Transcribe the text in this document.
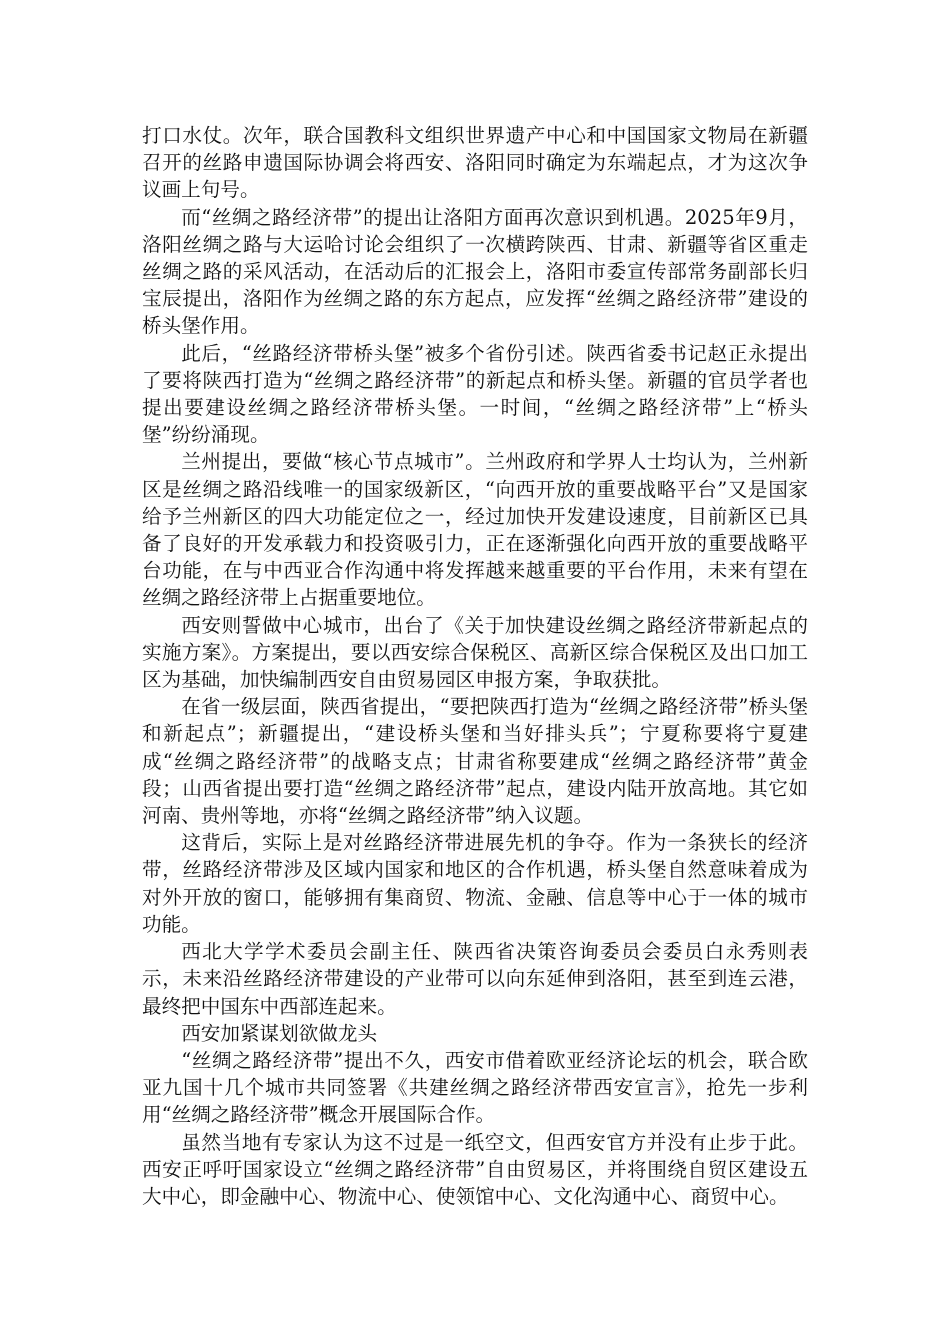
打口水仗。次年，联合国教科文组织世界遗产中心和中国国家文物局在新疆召开的丝路申遗国际协调会将西安、洛阳同时确定为东端起点，才为这次争议画上句号。

而“丝绸之路经济带”的提出让洛阳方面再次意识到机遇。2025年9月，洛阳丝绸之路与大运哈讨论会组织了一次横跨陕西、甘肃、新疆等省区重走丝绸之路的采风活动，在活动后的汇报会上，洛阳市委宣传部常务副部长归宝辰提出，洛阳作为丝绸之路的东方起点，应发挥“丝绸之路经济带”建设的桥头堡作用。

此后，“丝路经济带桥头堡”被多个省份引述。陕西省委书记赵正永提出了要将陕西打造为“丝绸之路经济带”的新起点和桥头堡。新疆的官员学者也提出要建设丝绸之路经济带桥头堡。一时间，“丝绸之路经济带”上“桥头堡”纷纷涌现。

兰州提出，要做“核心节点城市”。兰州政府和学界人士均认为，兰州新区是丝绸之路沿线唯一的国家级新区，“向西开放的重要战略平台”又是国家给予兰州新区的四大功能定位之一，经过加快开发建设速度，目前新区已具备了良好的开发承载力和投资吸引力，正在逐渐强化向西开放的重要战略平台功能，在与中西亚合作沟通中将发挥越来越重要的平台作用，未来有望在丝绸之路经济带上占据重要地位。

西安则誓做中心城市，出台了《关于加快建设丝绸之路经济带新起点的实施方案》。方案提出，要以西安综合保税区、高新区综合保税区及出口加工区为基础，加快编制西安自由贸易园区申报方案，争取获批。

在省一级层面，陕西省提出，“要把陕西打造为“丝绸之路经济带”桥头堡和新起点”；新疆提出，“建设桥头堡和当好排头兵”；宁夏称要将宁夏建成“丝绸之路经济带”的战略支点；甘肃省称要建成“丝绸之路经济带”黄金段；山西省提出要打造“丝绸之路经济带”起点，建设内陆开放高地。其它如河南、贵州等地，亦将“丝绸之路经济带”纳入议题。

这背后，实际上是对丝路经济带进展先机的争夺。作为一条狭长的经济带，丝路经济带涉及区域内国家和地区的合作机遇，桥头堡自然意味着成为对外开放的窗口，能够拥有集商贸、物流、金融、信息等中心于一体的城市功能。

西北大学学术委员会副主任、陕西省决策咨询委员会委员白永秀则表示，未来沿丝路经济带建设的产业带可以向东延伸到洛阳，甚至到连云港，最终把中国东中西部连起来。

西安加紧谋划欲做龙头

“丝绸之路经济带”提出不久，西安市借着欧亚经济论坛的机会，联合欧亚九国十几个城市共同签署《共建丝绸之路经济带西安宣言》，抢先一步利用“丝绸之路经济带”概念开展国际合作。

虽然当地有专家认为这不过是一纸空文，但西安官方并没有止步于此。西安正呼吁国家设立“丝绸之路经济带”自由贸易区，并将围绕自贸区建设五大中心，即金融中心、物流中心、使领馆中心、文化沟通中心、商贸中心。
